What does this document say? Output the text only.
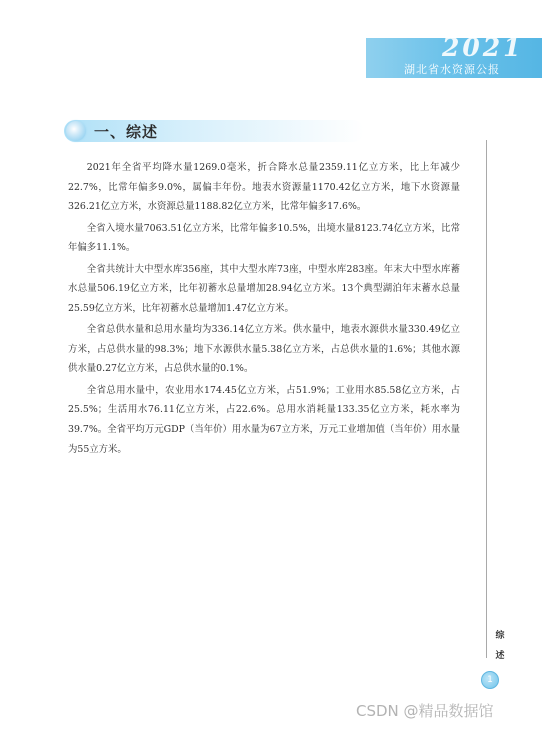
2021
湖北省水资源公报
一、综述

2021年全省平均降水量1269.0毫米，折合降水总量2359.11亿立方米，比上年减少22.7%，比常年偏多9.0%，属偏丰年份。地表水资源量1170.42亿立方米，地下水资源量326.21亿立方米，水资源总量1188.82亿立方米，比常年偏多17.6%。

全省入境水量7063.51亿立方米，比常年偏多10.5%，出境水量8123.74亿立方米，比常年偏多11.1%。

全省共统计大中型水库356座，其中大型水库73座，中型水库283座。年末大中型水库蓄水总量506.19亿立方米，比年初蓄水总量增加28.94亿立方米。13个典型湖泊年末蓄水总量25.59亿立方米，比年初蓄水总量增加1.47亿立方米。

全省总供水量和总用水量均为336.14亿立方米。供水量中，地表水源供水量330.49亿立方米，占总供水量的98.3%；地下水源供水量5.38亿立方米，占总供水量的1.6%；其他水源供水量0.27亿立方米，占总供水量的0.1%。

全省总用水量中，农业用水174.45亿立方米，占51.9%；工业用水85.58亿立方米，占25.5%；生活用水76.11亿立方米，占22.6%。总用水消耗量133.35亿立方米，耗水率为39.7%。全省平均万元GDP（当年价）用水量为67立方米，万元工业增加值（当年价）用水量为55立方米。

综
述
1
CSDN @精品数据馆
